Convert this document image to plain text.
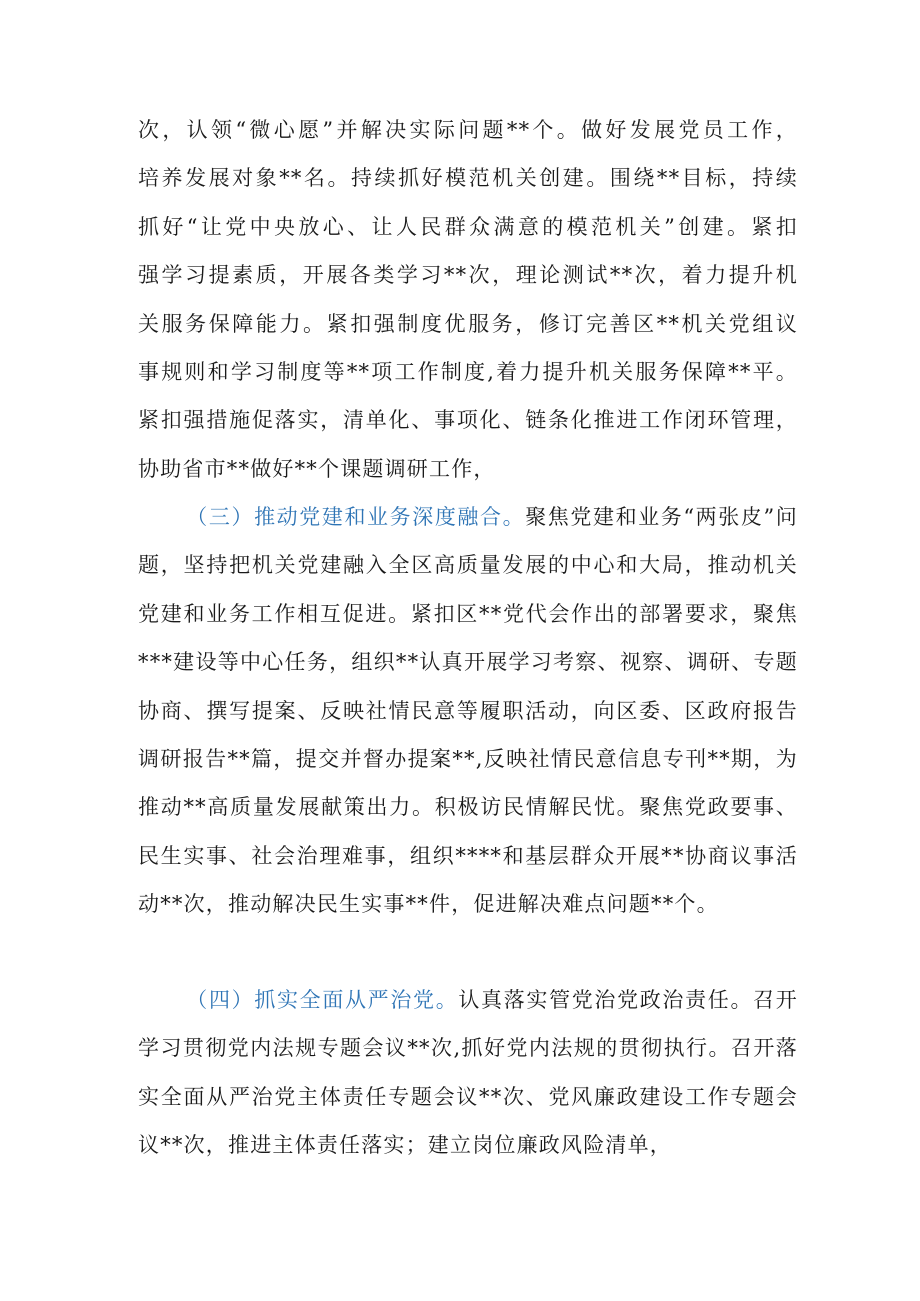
次，认领“微心愿”并解决实际问题**个。做好发展党员工作，
培养发展对象**名。持续抓好模范机关创建。围绕**目标，持续
抓好“让党中央放心、让人民群众满意的模范机关”创建。紧扣
强学习提素质，开展各类学习**次，理论测试**次，着力提升机
关服务保障能力。紧扣强制度优服务，修订完善区**机关党组议
事规则和学习制度等**项工作制度,着力提升机关服务保障**平。
紧扣强措施促落实，清单化、事项化、链条化推进工作闭环管理，
协助省市**做好**个课题调研工作，

（三）推动党建和业务深度融合。聚焦党建和业务“两张皮”问题，坚持把机关党建融入全区高质量发展的中心和大局，推动机关党建和业务工作相互促进。紧扣区**党代会作出的部署要求，聚焦***建设等中心任务，组织**认真开展学习考察、视察、调研、专题协商、撰写提案、反映社情民意等履职活动，向区委、区政府报告调研报告**篇，提交并督办提案**,反映社情民意信息专刊**期，为推动**高质量发展献策出力。积极访民情解民忧。聚焦党政要事、民生实事、社会治理难事，组织****和基层群众开展**协商议事活动**次，推动解决民生实事**件，促进解决难点问题**个。

（四）抓实全面从严治党。认真落实管党治党政治责任。召开学习贯彻党内法规专题会议**次,抓好党内法规的贯彻执行。召开落实全面从严治党主体责任专题会议**次、党风廉政建设工作专题会议**次，推进主体责任落实；建立岗位廉政风险清单，
